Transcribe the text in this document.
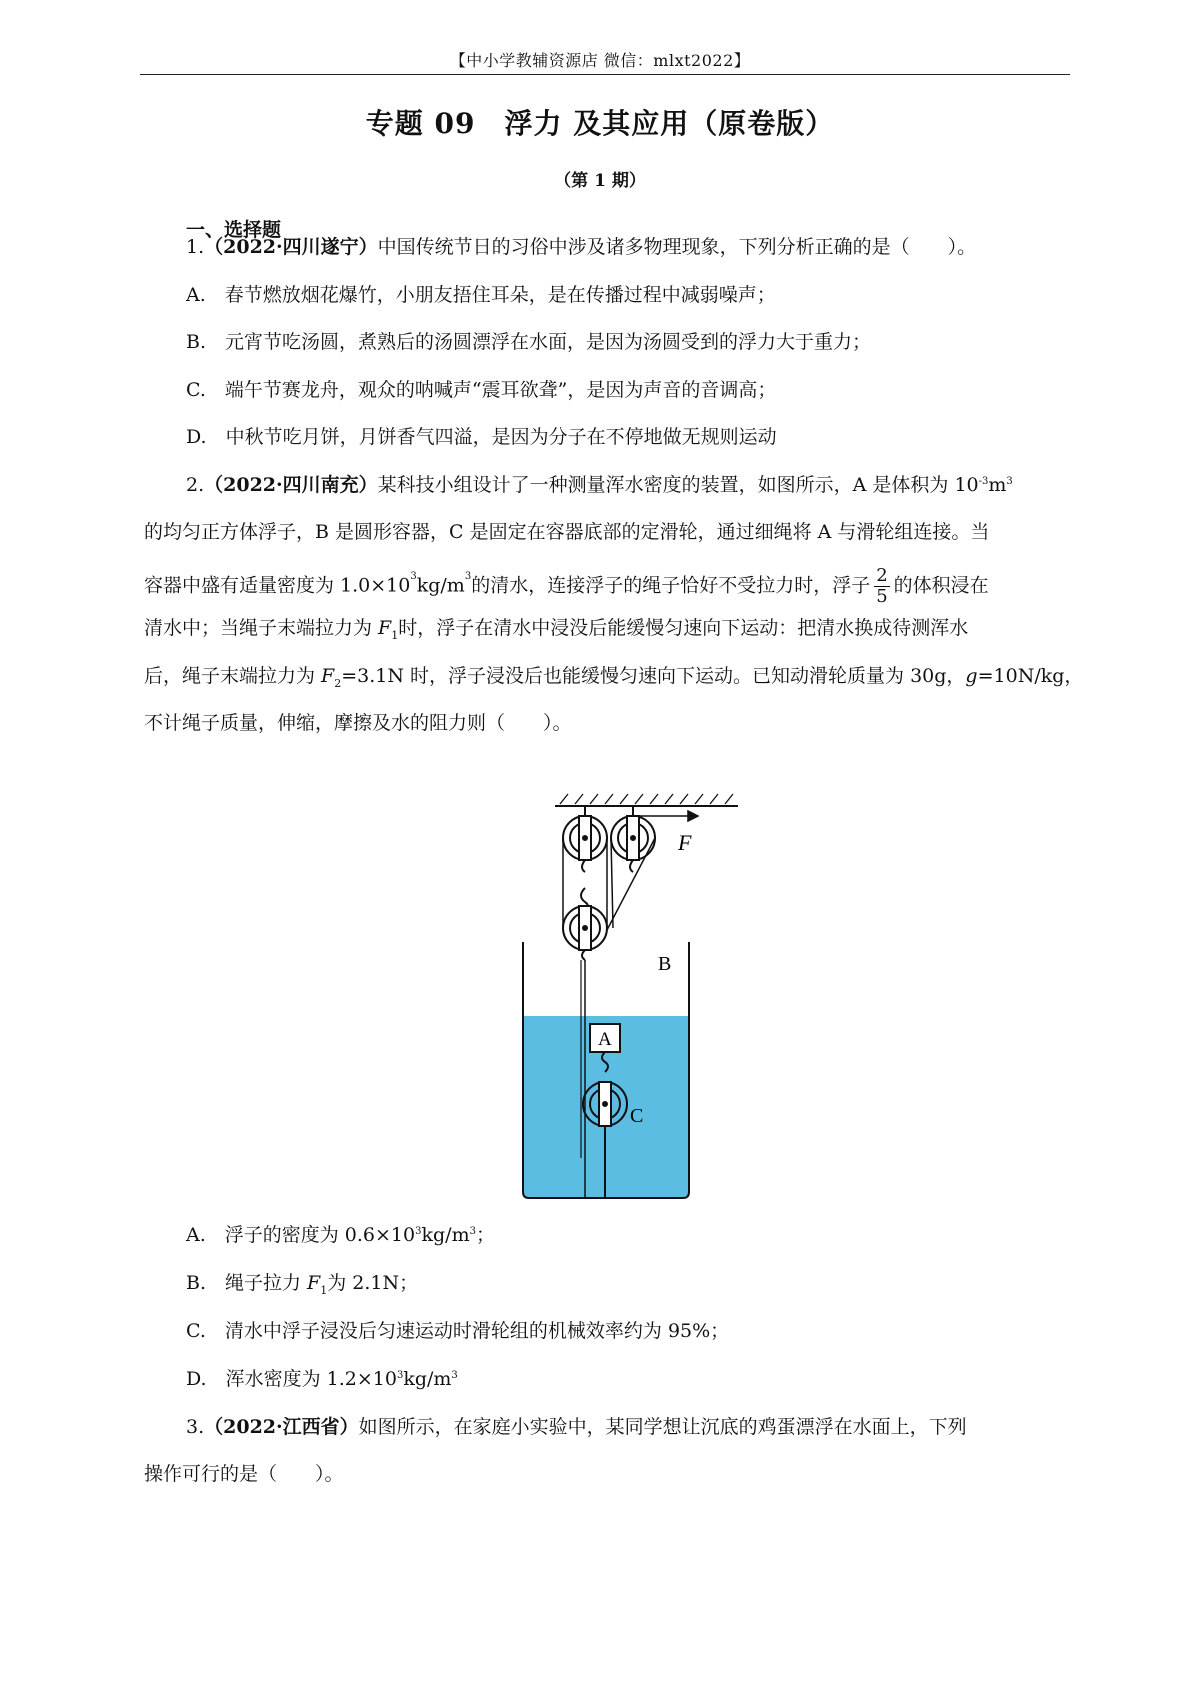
【中小学教辅资源店 微信：mlxt2022】
专题 09　浮力 及其应用（原卷版）
（第 1 期）
一、选择题
1.（2022·四川遂宁）中国传统节日的习俗中涉及诸多物理现象，下列分析正确的是（　　）。
A.　春节燃放烟花爆竹，小朋友捂住耳朵，是在传播过程中减弱噪声；
B.　元宵节吃汤圆，煮熟后的汤圆漂浮在水面，是因为汤圆受到的浮力大于重力；
C.　端午节赛龙舟，观众的呐喊声“震耳欲聋”，是因为声音的音调高；
D.　中秋节吃月饼，月饼香气四溢，是因为分子在不停地做无规则运动
2.（2022·四川南充）某科技小组设计了一种测量浑水密度的装置，如图所示，A 是体积为 $10^{-3}m^3$
的均匀正方体浮子，B 是圆形容器，C 是固定在容器底部的定滑轮，通过细绳将 A 与滑轮组连接。当
容器中盛有适量密度为 $1.0\times 10^3kg/m^3$的清水，连接浮子的绳子恰好不受拉力时，浮子 $\frac{2}{5}$ 的体积浸在
清水中；当绳子末端拉力为 $F_1$时，浮子在清水中浸没后能缓慢匀速向下运动：把清水换成待测浑水
后，绳子末端拉力为 $F_2=3.1N$ 时，浮子浸没后也能缓慢匀速向下运动。已知动滑轮质量为 30g，g=10N/kg，
不计绳子质量，伸缩，摩擦及水的阻力则（　　）。
F
B
A
C
A.　浮子的密度为 $0.6\times 10^3kg/m^3$；
B.　绳子拉力 $F_1$为 2.1N；
C.　清水中浮子浸没后匀速运动时滑轮组的机械效率约为 95%；
D.　浑水密度为 $1.2\times 10^3kg/m^3$
3.（2022·江西省）如图所示，在家庭小实验中，某同学想让沉底的鸡蛋漂浮在水面上，下列
操作可行的是（　　）。
